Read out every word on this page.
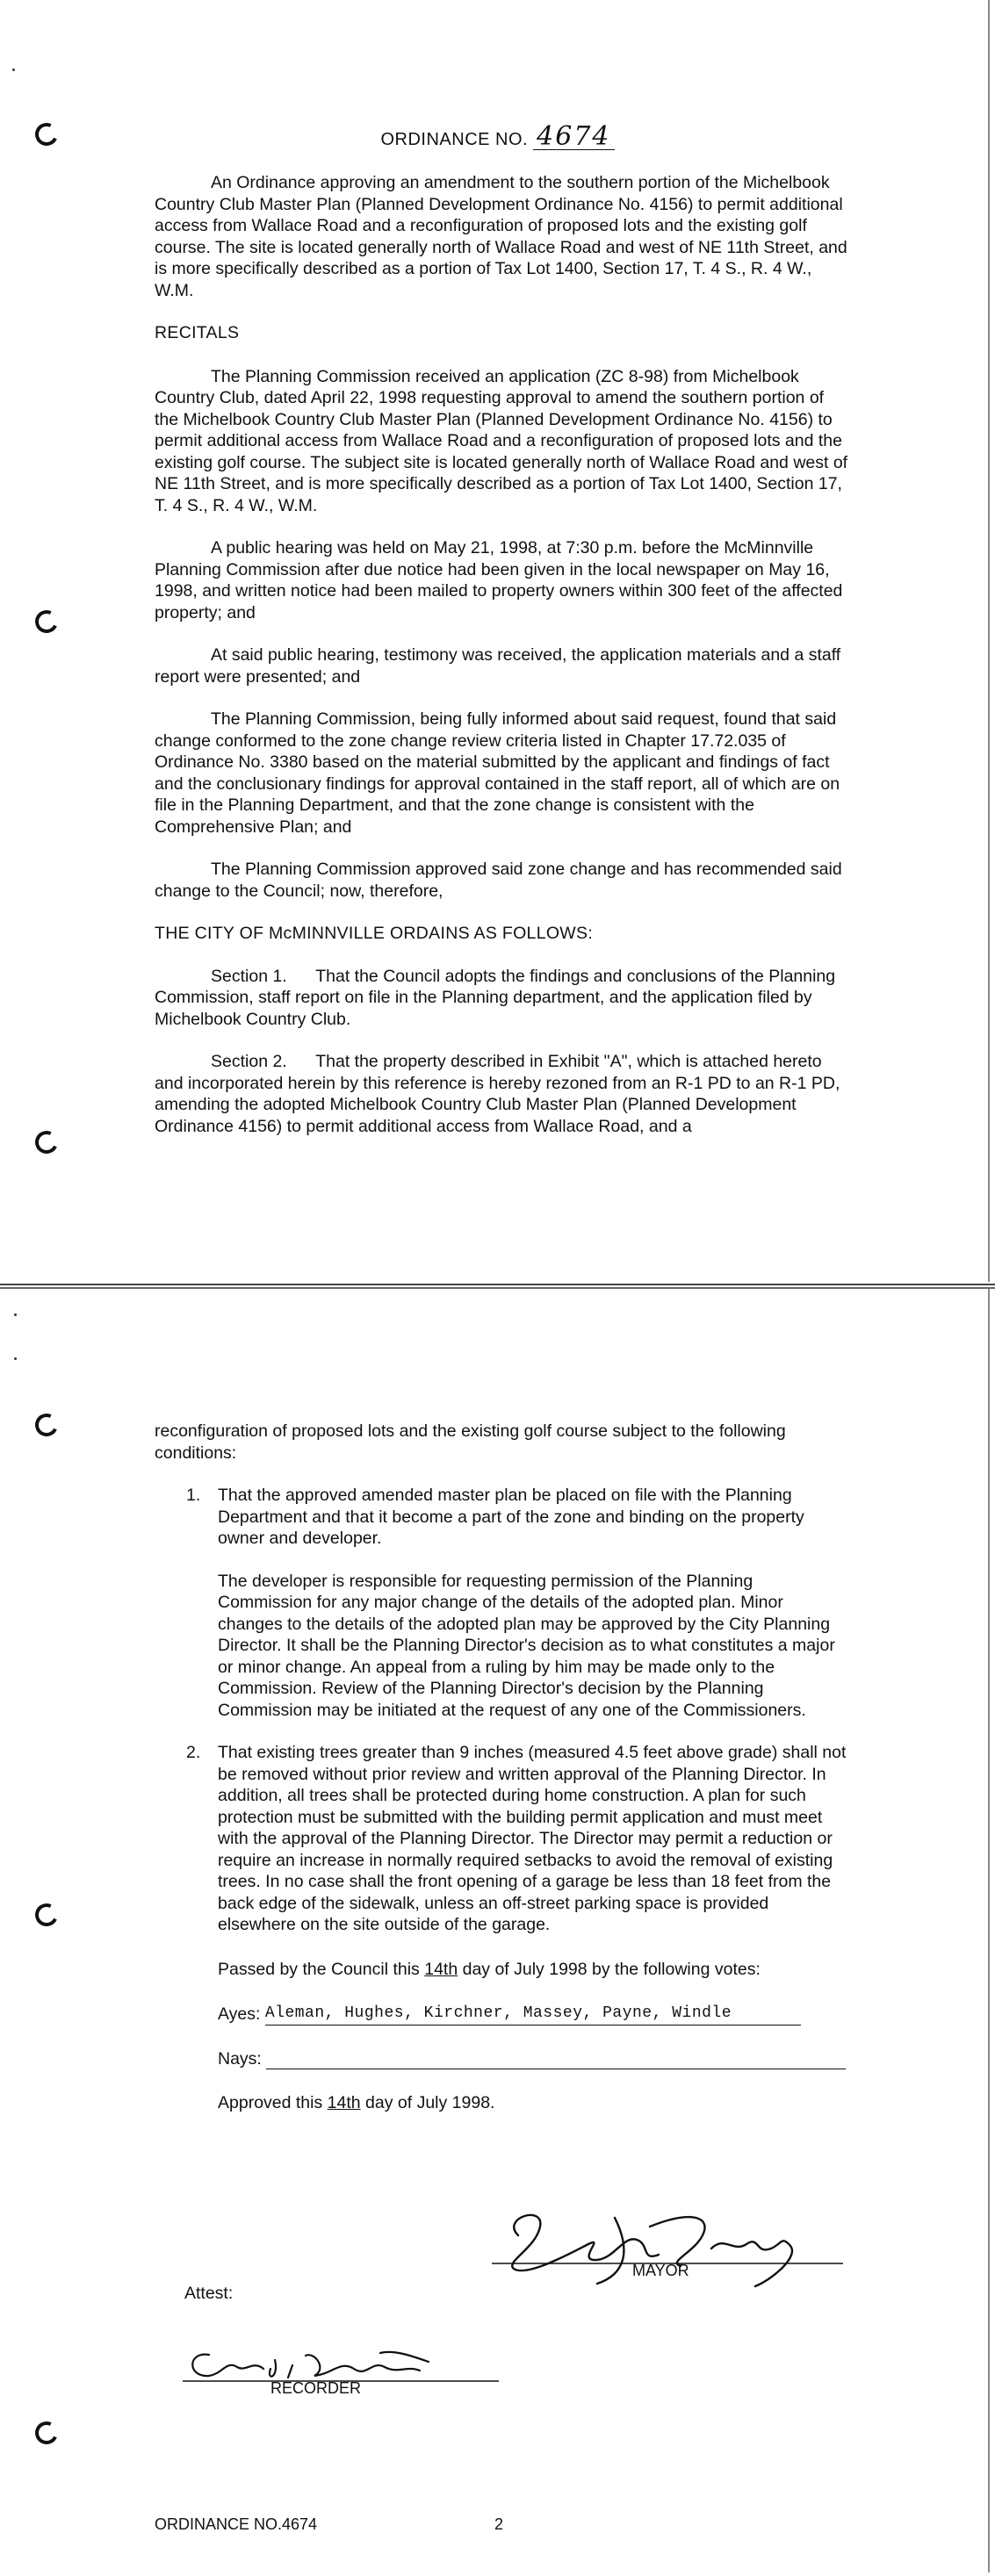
ORDINANCE NO. 4674

An Ordinance approving an amendment to the southern portion of the Michelbook Country Club Master Plan (Planned Development Ordinance No. 4156) to permit additional access from Wallace Road and a reconfiguration of proposed lots and the existing golf course. The site is located generally north of Wallace Road and west of NE 11th Street, and is more specifically described as a portion of Tax Lot 1400, Section 17, T. 4 S., R. 4 W., W.M.

RECITALS

The Planning Commission received an application (ZC 8-98) from Michelbook Country Club, dated April 22, 1998 requesting approval to amend the southern portion of the Michelbook Country Club Master Plan (Planned Development Ordinance No. 4156) to permit additional access from Wallace Road and a reconfiguration of proposed lots and the existing golf course. The subject site is located generally north of Wallace Road and west of NE 11th Street, and is more specifically described as a portion of Tax Lot 1400, Section 17, T. 4 S., R. 4 W., W.M.

A public hearing was held on May 21, 1998, at 7:30 p.m. before the McMinnville Planning Commission after due notice had been given in the local newspaper on May 16, 1998, and written notice had been mailed to property owners within 300 feet of the affected property; and

At said public hearing, testimony was received, the application materials and a staff report were presented; and

The Planning Commission, being fully informed about said request, found that said change conformed to the zone change review criteria listed in Chapter 17.72.035 of Ordinance No. 3380 based on the material submitted by the applicant and findings of fact and the conclusionary findings for approval contained in the staff report, all of which are on file in the Planning Department, and that the zone change is consistent with the Comprehensive Plan; and

The Planning Commission approved said zone change and has recommended said change to the Council; now, therefore,

THE CITY OF McMINNVILLE ORDAINS AS FOLLOWS:

Section 1.      That the Council adopts the findings and conclusions of the Planning Commission, staff report on file in the Planning department, and the application filed by Michelbook Country Club.

Section 2.      That the property described in Exhibit "A", which is attached hereto and incorporated herein by this reference is hereby rezoned from an R-1 PD to an R-1 PD, amending the adopted Michelbook Country Club Master Plan (Planned Development Ordinance 4156) to permit additional access from Wallace Road, and a

reconfiguration of proposed lots and the existing golf course subject to the following conditions:

1. That the approved amended master plan be placed on file with the Planning Department and that it become a part of the zone and binding on the property owner and developer.

The developer is responsible for requesting permission of the Planning Commission for any major change of the details of the adopted plan. Minor changes to the details of the adopted plan may be approved by the City Planning Director. It shall be the Planning Director's decision as to what constitutes a major or minor change. An appeal from a ruling by him may be made only to the Commission. Review of the Planning Director's decision by the Planning Commission may be initiated at the request of any one of the Commissioners.

2. That existing trees greater than 9 inches (measured 4.5 feet above grade) shall not be removed without prior review and written approval of the Planning Director. In addition, all trees shall be protected during home construction. A plan for such protection must be submitted with the building permit application and must meet with the approval of the Planning Director. The Director may permit a reduction or require an increase in normally required setbacks to avoid the removal of existing trees. In no case shall the front opening of a garage be less than 18 feet from the back edge of the sidewalk, unless an off-street parking space is provided elsewhere on the site outside of the garage.

Passed by the Council this 14th day of July 1998 by the following votes:

Ayes: Aleman, Hughes, Kirchner, Massey, Payne, Windle

Nays:

Approved this 14th day of July 1998.

MAYOR
Attest:
RECORDER
ORDINANCE NO.4674	2
